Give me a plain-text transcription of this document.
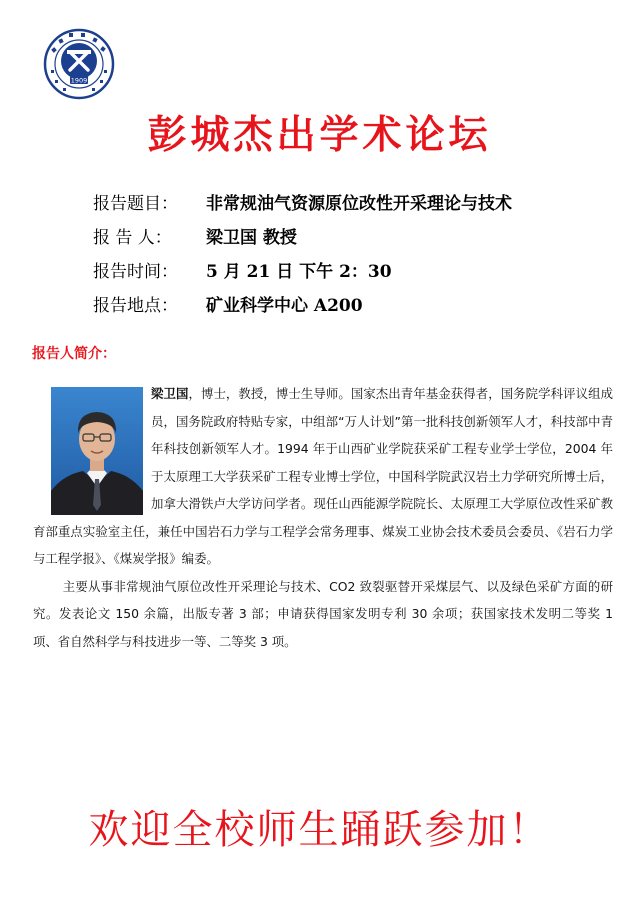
1909
彭城杰出学术论坛
报告题目：	非常规油气资源原位改性开采理论与技术
报 告 人：	梁卫国 教授
报告时间：	5 月 21 日 下午 2：30
报告地点：	矿业科学中心 A200
报告人简介：

梁卫国，博士，教授，博士生导师。国家杰出青年基金获得者，国务院学科评议组成员，国务院政府特贴专家，中组部“万人计划”第一批科技创新领军人才，科技部中青年科技创新领军人才。1994 年于山西矿业学院获采矿工程专业学士学位，2004 年于太原理工大学获采矿工程专业博士学位，中国科学院武汉岩土力学研究所博士后，加拿大滑铁卢大学访问学者。现任山西能源学院院长、太原理工大学原位改性采矿教育部重点实验室主任，兼任中国岩石力学与工程学会常务理事、煤炭工业协会技术委员会委员、《岩石力学与工程学报》、《煤炭学报》编委。

主要从事非常规油气原位改性开采理论与技术、CO2 致裂驱替开采煤层气、以及绿色采矿方面的研究。发表论文 150 余篇，出版专著 3 部；申请获得国家发明专利 30 余项；获国家技术发明二等奖 1 项、省自然科学与科技进步一等、二等奖 3 项。

欢迎全校师生踊跃参加！
